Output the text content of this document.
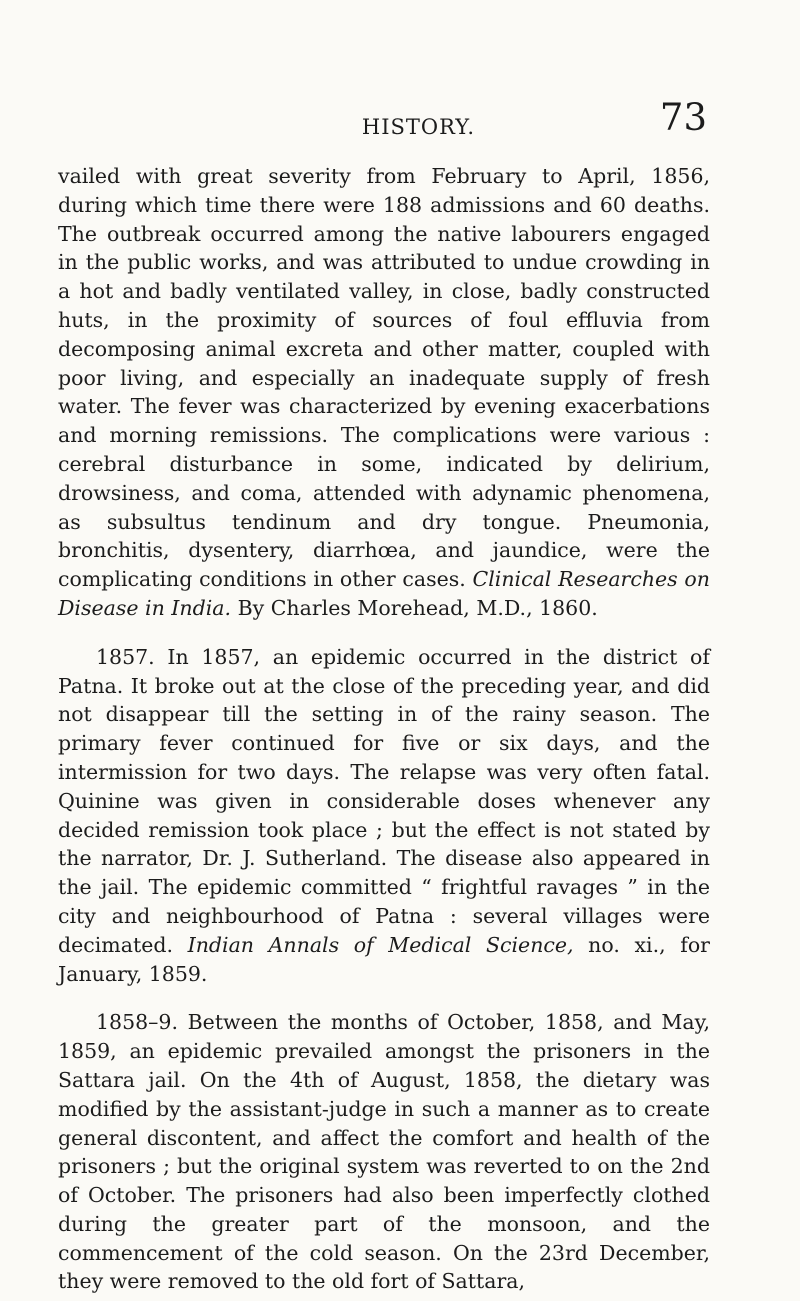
HISTORY.	73

vailed with great severity from February to April, 1856, during which time there were 188 admissions and 60 deaths. The outbreak occurred among the native labourers engaged in the public works, and was attributed to undue crowding in a hot and badly ventilated valley, in close, badly constructed huts, in the proximity of sources of foul effluvia from decomposing animal excreta and other matter, coupled with poor living, and especially an inadequate supply of fresh water. The fever was characterized by evening exacerbations and morning remissions. The complications were various : cerebral disturbance in some, indicated by delirium, drowsiness, and coma, attended with adynamic phenomena, as subsultus tendinum and dry tongue. Pneumonia, bronchitis, dysentery, diarrhœa, and jaundice, were the complicating conditions in other cases. Clinical Researches on Disease in India. By Charles Morehead, M.D., 1860.

1857. In 1857, an epidemic occurred in the district of Patna. It broke out at the close of the preceding year, and did not disappear till the setting in of the rainy season. The primary fever continued for five or six days, and the intermission for two days. The relapse was very often fatal. Quinine was given in considerable doses whenever any decided remission took place ; but the effect is not stated by the narrator, Dr. J. Sutherland. The disease also appeared in the jail. The epidemic committed “ frightful ravages ” in the city and neighbourhood of Patna : several villages were decimated. Indian Annals of Medical Science, no. xi., for January, 1859.

1858–9. Between the months of October, 1858, and May, 1859, an epidemic prevailed amongst the prisoners in the Sattara jail. On the 4th of August, 1858, the dietary was modified by the assistant-judge in such a manner as to create general discontent, and affect the comfort and health of the prisoners ; but the original system was reverted to on the 2nd of October. The prisoners had also been imperfectly clothed during the greater part of the monsoon, and the commencement of the cold season. On the 23rd December, they were removed to the old fort of Sattara,
